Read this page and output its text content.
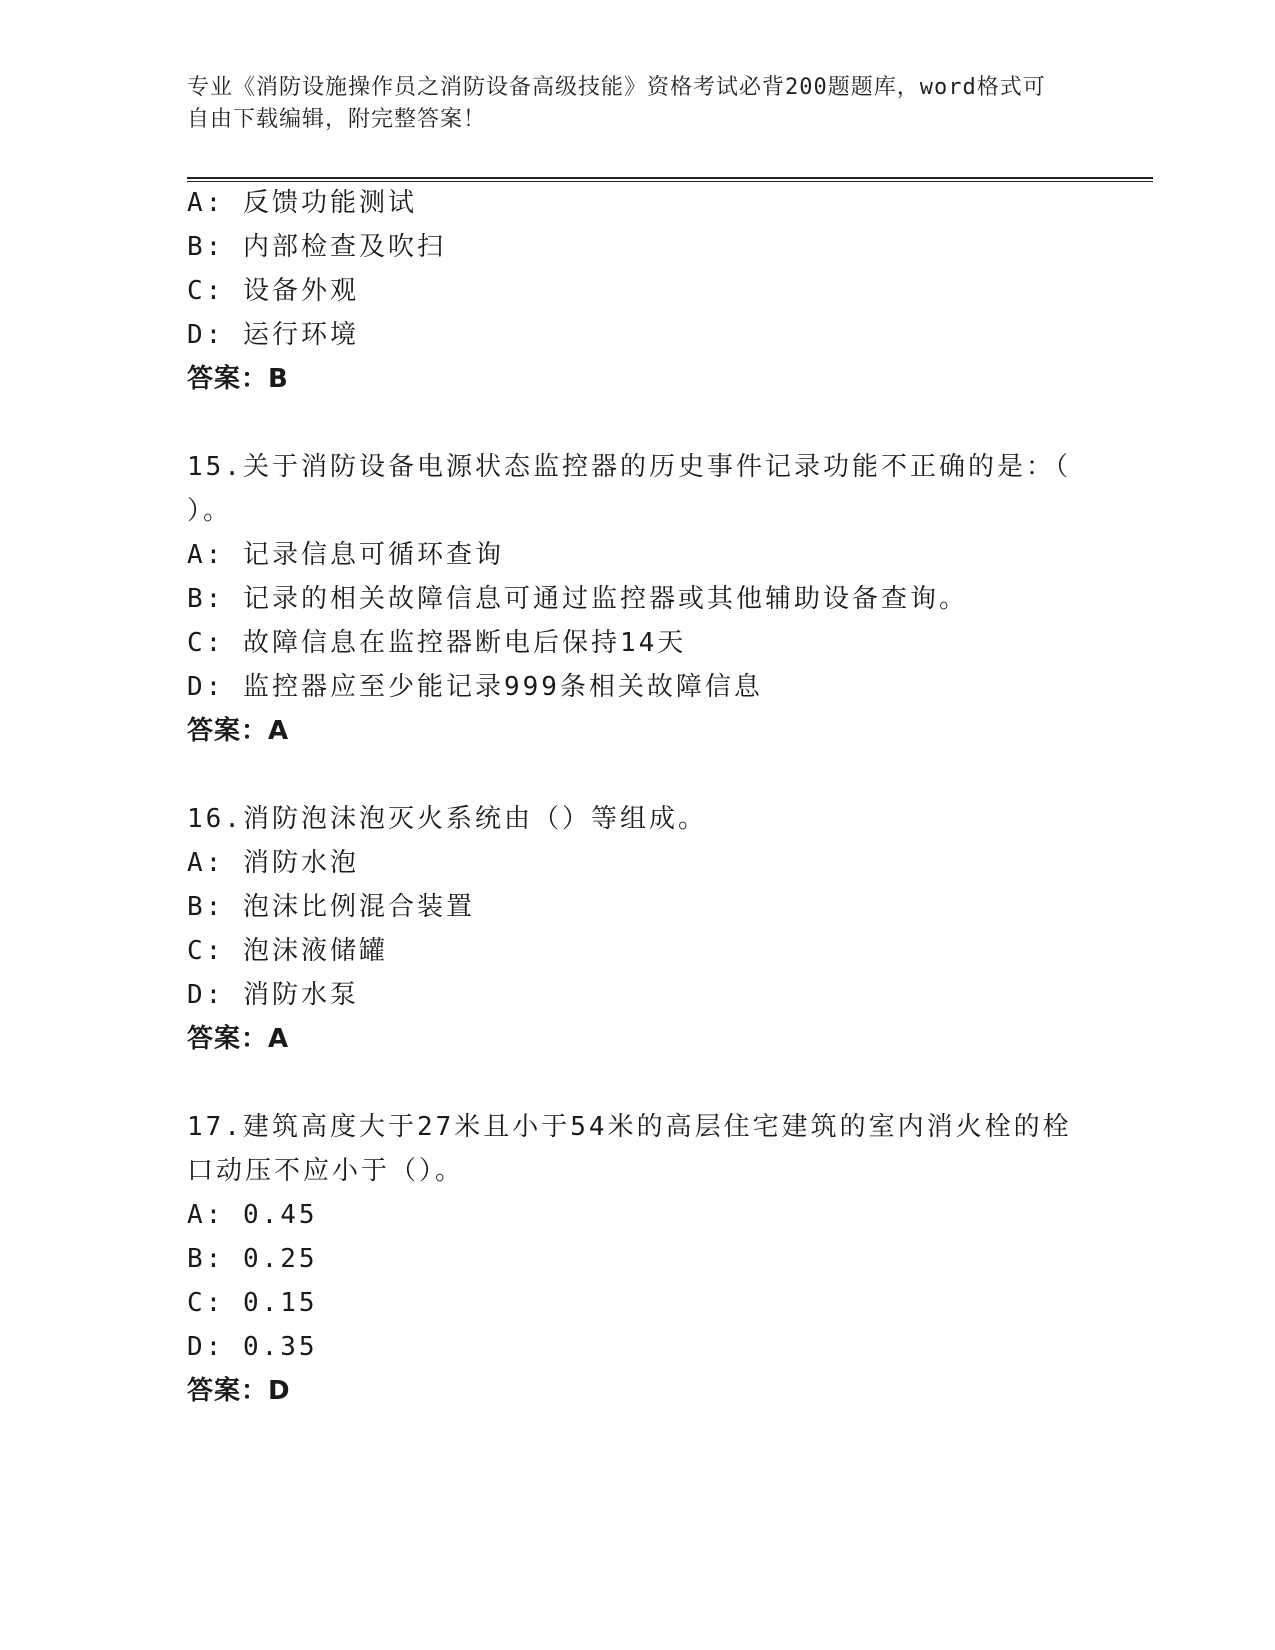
专业《消防设施操作员之消防设备高级技能》资格考试必背200题题库，word格式可自由下载编辑，附完整答案！
A: 反馈功能测试
B: 内部检查及吹扫
C: 设备外观
D: 运行环境
答案：B
15.关于消防设备电源状态监控器的历史事件记录功能不正确的是：（
）。
A: 记录信息可循环查询
B: 记录的相关故障信息可通过监控器或其他辅助设备查询。
C: 故障信息在监控器断电后保持14天
D: 监控器应至少能记录999条相关故障信息
答案：A
16.消防泡沫泡灭火系统由（）等组成。
A: 消防水泡
B: 泡沫比例混合装置
C: 泡沫液储罐
D: 消防水泵
答案：A
17.建筑高度大于27米且小于54米的高层住宅建筑的室内消火栓的栓
口动压不应小于（）。
A: 0.45
B: 0.25
C: 0.15
D: 0.35
答案：D
